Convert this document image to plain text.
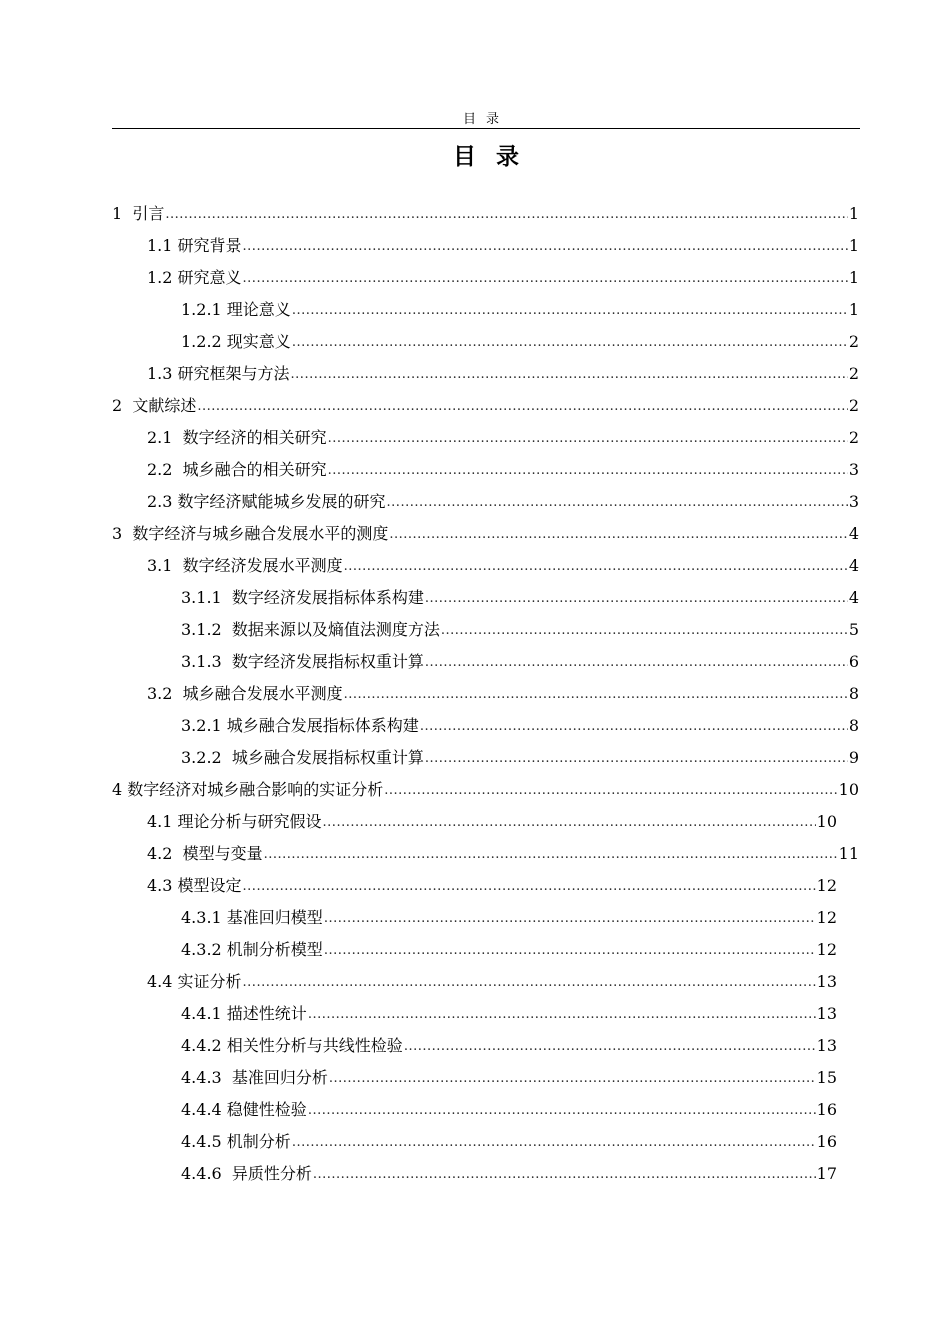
目录
目录
1  引言 .....	1
1.1 研究背景 .....	1
1.2 研究意义 .....	1
1.2.1 理论意义 .....	1
1.2.2 现实意义 .....	2
1.3 研究框架与方法 .....	2
2  文献综述 .....	2
2.1  数字经济的相关研究 .....	2
2.2  城乡融合的相关研究 .....	3
2.3 数字经济赋能城乡发展的研究 .....	3
3  数字经济与城乡融合发展水平的测度 .....	4
3.1  数字经济发展水平测度 .....	4
3.1.1  数字经济发展指标体系构建 .....	4
3.1.2  数据来源以及熵值法测度方法 .....	5
3.1.3  数字经济发展指标权重计算 .....	6
3.2  城乡融合发展水平测度 .....	8
3.2.1 城乡融合发展指标体系构建 .....	8
3.2.2  城乡融合发展指标权重计算 .....	9
4 数字经济对城乡融合影响的实证分析 .....	10
4.1 理论分析与研究假设 .....	10
4.2  模型与变量 .....	11
4.3 模型设定 .....	12
4.3.1 基准回归模型 .....	12
4.3.2 机制分析模型 .....	12
4.4 实证分析 .....	13
4.4.1 描述性统计 .....	13
4.4.2 相关性分析与共线性检验 .....	13
4.4.3  基准回归分析 .....	15
4.4.4 稳健性检验 .....	16
4.4.5 机制分析 .....	16
4.4.6  异质性分析 .....	17
